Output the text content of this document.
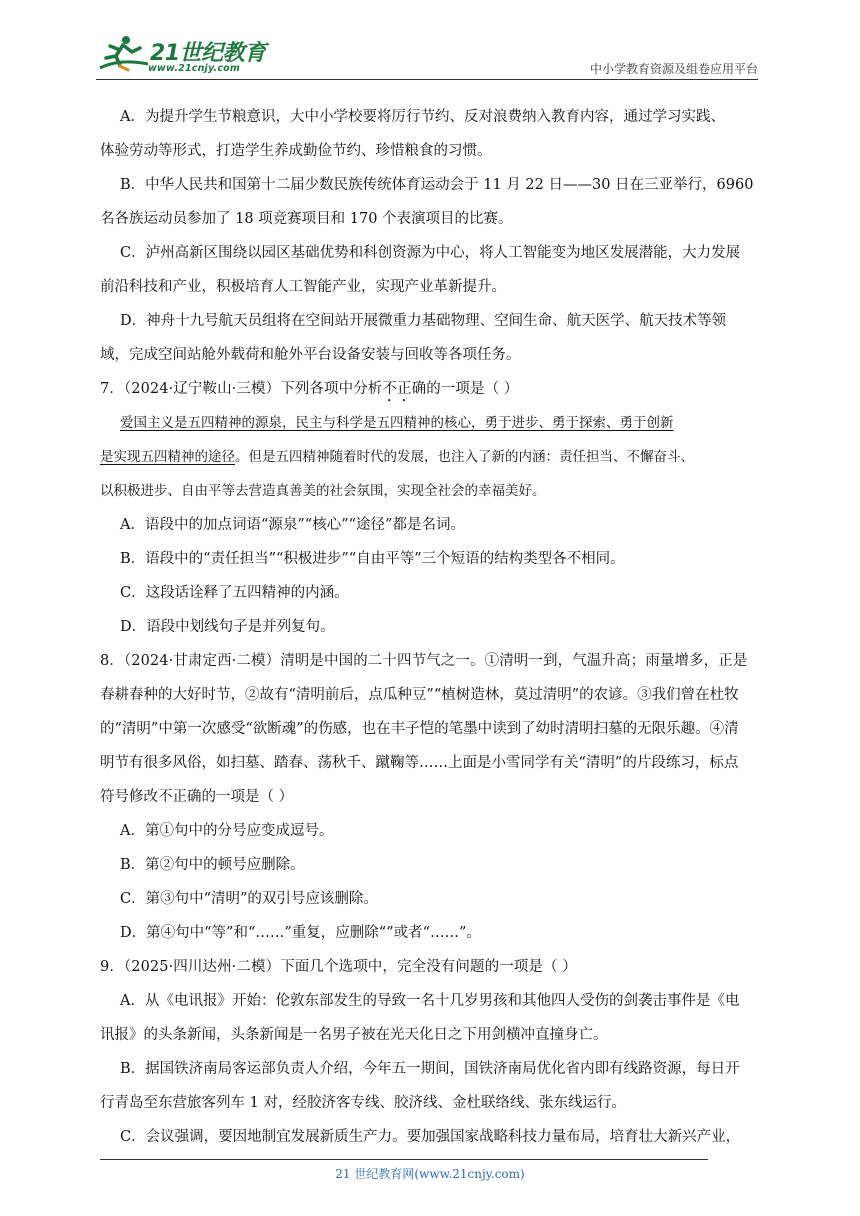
21世纪教育
www.21cnjy.com	中小学教育资源及组卷应用平台
A．为提升学生节粮意识，大中小学校要将厉行节约、反对浪费纳入教育内容，通过学习实践、
体验劳动等形式，打造学生养成勤俭节约、珍惜粮食的习惯。
B．中华人民共和国第十二届少数民族传统体育运动会于 11 月 22 日——30 日在三亚举行，6960
名各族运动员参加了 18 项竞赛项目和 170 个表演项目的比赛。
C．泸州高新区围绕以园区基础优势和科创资源为中心，将人工智能变为地区发展潜能，大力发展
前沿科技和产业，积极培育人工智能产业，实现产业革新提升。
D．神舟十九号航天员组将在空间站开展微重力基础物理、空间生命、航天医学、航天技术等领
域，完成空间站舱外载荷和舱外平台设备安装与回收等各项任务。
7．（2024·辽宁鞍山·三模）下列各项中分析不正确的一项是（ ）
爱国主义是五四精神的源泉，民主与科学是五四精神的核心，勇于进步、勇于探索、勇于创新
是实现五四精神的途径。但是五四精神随着时代的发展，也注入了新的内涵：责任担当、不懈奋斗、
以积极进步、自由平等去营造真善美的社会氛围，实现全社会的幸福美好。
A．语段中的加点词语“源泉”“核心”“途径”都是名词。
B．语段中的“责任担当”“积极进步”“自由平等”三个短语的结构类型各不相同。
C．这段话诠释了五四精神的内涵。
D．语段中划线句子是并列复句。
8．（2024·甘肃定西·二模）清明是中国的二十四节气之一。①清明一到，气温升高；雨量增多，正是
春耕春种的大好时节，②故有“清明前后，点瓜种豆”“植树造林，莫过清明”的农谚。③我们曾在杜牧
的“清明”中第一次感受“欲断魂”的伤感，也在丰子恺的笔墨中读到了幼时清明扫墓的无限乐趣。④清
明节有很多风俗，如扫墓、踏春、荡秋千、蹴鞠等……上面是小雪同学有关“清明”的片段练习，标点
符号修改不正确的一项是（ ）
A．第①句中的分号应变成逗号。
B．第②句中的顿号应删除。
C．第③句中“清明”的双引号应该删除。
D．第④句中“等”和“……”重复，应删除“”或者“……”。
9．（2025·四川达州·二模）下面几个选项中，完全没有问题的一项是（ ）
A．从《电讯报》开始：伦敦东部发生的导致一名十几岁男孩和其他四人受伤的剑袭击事件是《电
讯报》的头条新闻，头条新闻是一名男子被在光天化日之下用剑横冲直撞身亡。
B．据国铁济南局客运部负责人介绍，今年五一期间，国铁济南局优化省内即有线路资源，每日开
行青岛至东营旅客列车 1 对，经胶济客专线、胶济线、金杜联络线、张东线运行。
C．会议强调，要因地制宜发展新质生产力。要加强国家战略科技力量布局，培育壮大新兴产业，
21 世纪教育网(www.21cnjy.com)
